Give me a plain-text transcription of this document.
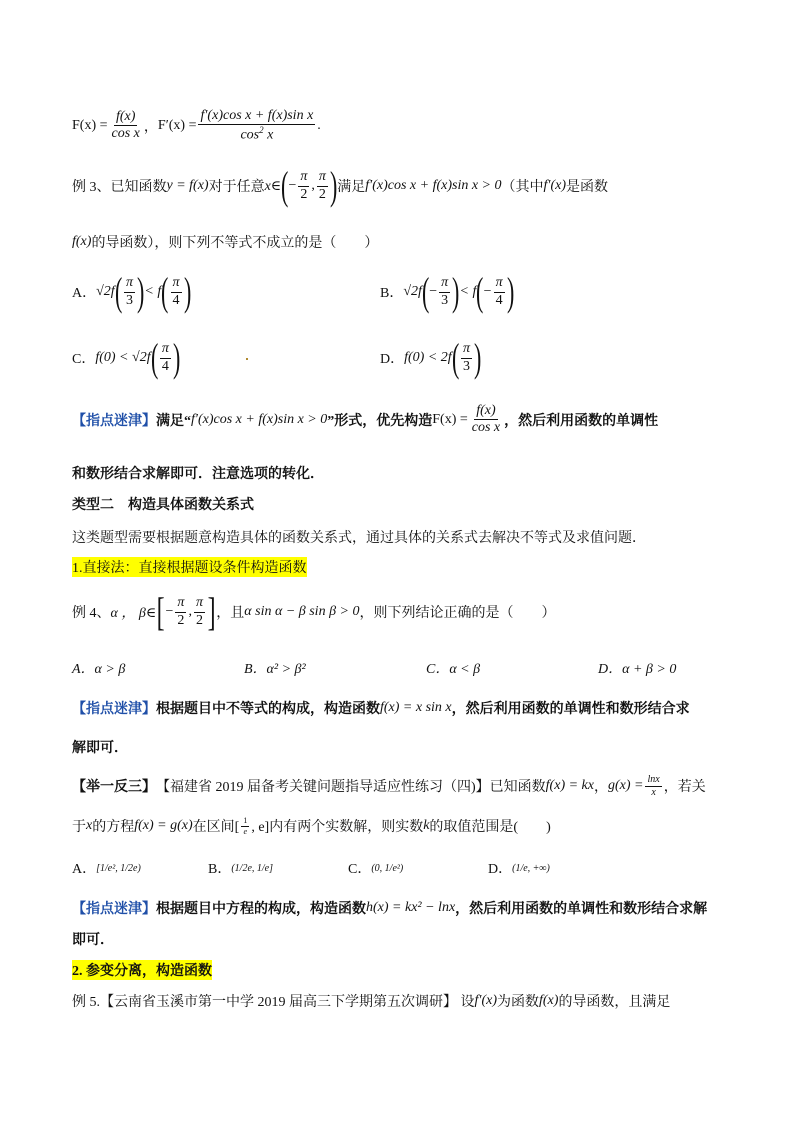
$F(x) = \frac{f(x)}{\text{cos x}}$ ， $F'(x) = \frac{\text{f′(x)cos x + f(x)sin x}}{\cos^2 x}$ .
例 3、已知函数 y = f(x) 对于任意 x∈ ( − $\frac{\pi}{2}$ , $\frac{\pi}{2}$ ) 满足 f′(x)cos x + f(x)sin x > 0 （其中 f′(x) 是函数
f(x) 的导函数），则下列不等式不成立的是（　　）
A． √2f ( $\frac{\pi}{3}$ ) < f ( $\frac{\pi}{4}$ )	B． √2f ( − $\frac{\pi}{3}$ ) < f ( − $\frac{\pi}{4}$ )
C． f(0) < √2f ( $\frac{\pi}{4}$ )	D． f(0) < 2f ( $\frac{\pi}{3}$ )
【指点迷津】 满足“ f′(x)cos x + f(x)sin x > 0 ”形式，优先构造 $F(x) = \frac{f(x)}{\text{cos x}}$ ，然后利用函数的单调性
和数形结合求解即可．注意选项的转化．
类型二　构造具体函数关系式
这类题型需要根据题意构造具体的函数关系式，通过具体的关系式去解决不等式及求值问题．
1.直接法：直接根据题设条件构造函数
例 4、 α ， β∈ [ − $\frac{\pi}{2}$ , $\frac{\pi}{2}$ ] ，且 α sin α − β sin β > 0 ，则下列结论正确的是（　　）
A．α > β	B．α² > β²	C．α < β	D．α + β > 0
【指点迷津】 根据题目中不等式的构成，构造函数 f(x) = x sin x ，然后利用函数的单调性和数形结合求
解即可．
【举一反三】 【福建省 2019 届备考关键问题指导适应性练习（四)】已知函数 f(x) = kx ， $g(x) = \frac{\ln x}{x}$ ，若关
于 x 的方程 f(x) = g(x) 在区间[ $\frac{1}{e}$ , e]内有两个实数解，则实数 k 的取值范围是(　　)
A． [1/e², 1/2e)	B． (1/2e, 1/e]	C． (0, 1/e²)	D． (1/e, +∞)
【指点迷津】 根据题目中方程的构成，构造函数 h(x) = kx² − lnx ，然后利用函数的单调性和数形结合求解
即可．
2. 参变分离，构造函数
例 5.【云南省玉溪市第一中学 2019 届高三下学期第五次调研】 设 f′(x) 为函数 f(x) 的导函数，且满足
